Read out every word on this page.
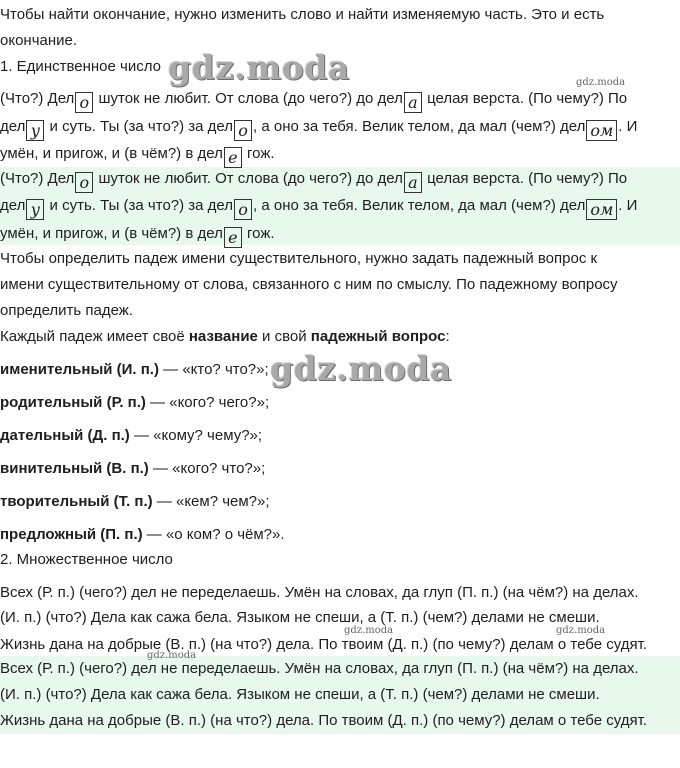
Чтобы найти окончание, нужно изменить слово и найти изменяемую часть. Это и есть
окончание.
1. Единственное число
(Что?) Дел о шуток не любит. От слова (до чего?) до дел а целая верста. (По чему?) По
дел у и суть. Ты (за что?) за дел о , а оно за тебя. Велик телом, да мал (чем?) дел ом . И
умён, и пригож, и (в чём?) в дел е гож.
(Что?) Дел о шуток не любит. От слова (до чего?) до дел а целая верста. (По чему?) По
дел у и суть. Ты (за что?) за дел о , а оно за тебя. Велик телом, да мал (чем?) дел ом . И
умён, и пригож, и (в чём?) в дел е гож.
Чтобы определить падеж имени существительного, нужно задать падежный вопрос к
имени существительному от слова, связанного с ним по смыслу. По падежному вопросу
определить падеж.
Каждый падеж имеет своё название и свой падежный вопрос:
именительный (И. п.) — «кто? что?»;
родительный (Р. п.) — «кого? чего?»;
дательный (Д. п.) — «кому? чему?»;
винительный (В. п.) — «кого? что?»;
творительный (Т. п.) — «кем? чем?»;
предложный (П. п.) — «о ком? о чём?».
2. Множественное число
Всех (Р. п.) (чего?) дел не переделаешь. Умён на словах, да глуп (П. п.) (на чём?) на делах.
(И. п.) (что?) Дела как сажа бела. Языком не спеши, а (Т. п.) (чем?) делами не смеши.
Жизнь дана на добрые (В. п.) (на что?) дела. По твоим (Д. п.) (по чему?) делам о тебе судят.
Всех (Р. п.) (чего?) дел не переделаешь. Умён на словах, да глуп (П. п.) (на чём?) на делах.
(И. п.) (что?) Дела как сажа бела. Языком не спеши, а (Т. п.) (чем?) делами не смеши.
Жизнь дана на добрые (В. п.) (на что?) дела. По твоим (Д. п.) (по чему?) делам о тебе судят.
gdz.moda	gdz.moda
gdz.moda
gdz.moda	gdz.moda
gdz.moda
